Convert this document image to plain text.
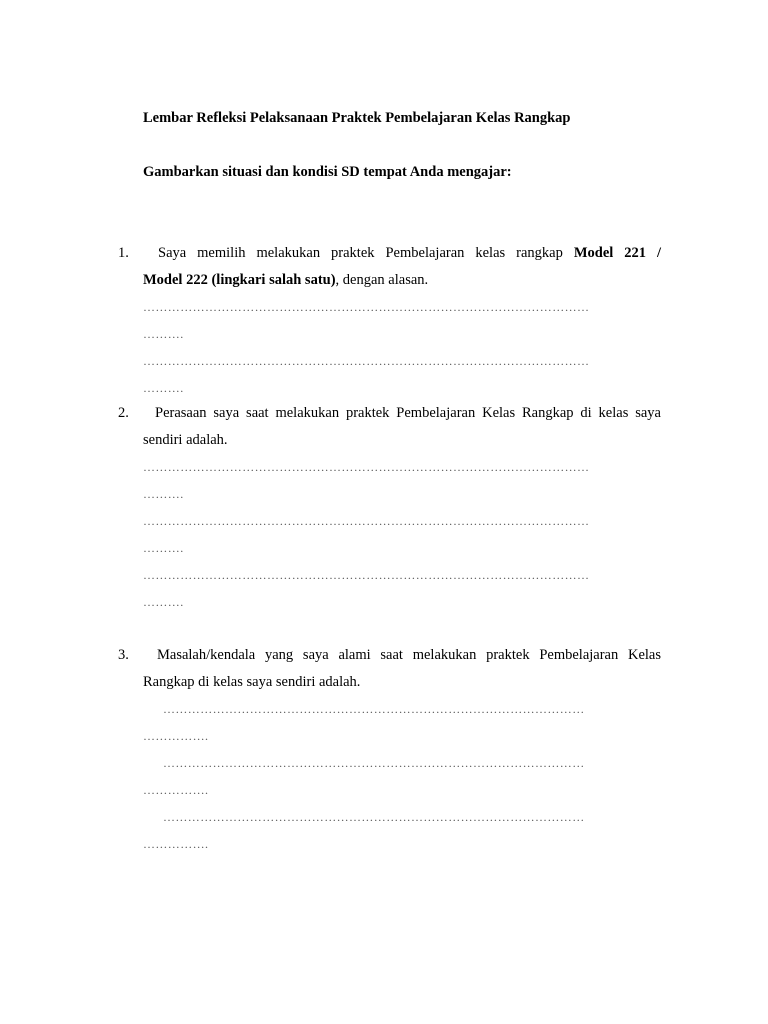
Lembar Refleksi Pelaksanaan Praktek Pembelajaran Kelas Rangkap
Gambarkan situasi dan kondisi SD tempat Anda mengajar:
1. Saya memilih melakukan praktek Pembelajaran kelas rangkap Model 221 /
Model 222 (lingkari salah satu), dengan alasan.
………………………………………………………………………………………………
……….
………………………………………………………………………………………………
……….
2. Perasaan saya saat melakukan praktek Pembelajaran Kelas Rangkap di kelas saya
sendiri adalah.
………………………………………………………………………………………………
……….
………………………………………………………………………………………………
……….
………………………………………………………………………………………………
……….
3. Masalah/kendala yang saya alami saat melakukan praktek Pembelajaran Kelas
Rangkap di kelas saya sendiri adalah.
…………………………………………………………………………………………
…………….
…………………………………………………………………………………………
…………….
…………………………………………………………………………………………
…………….
